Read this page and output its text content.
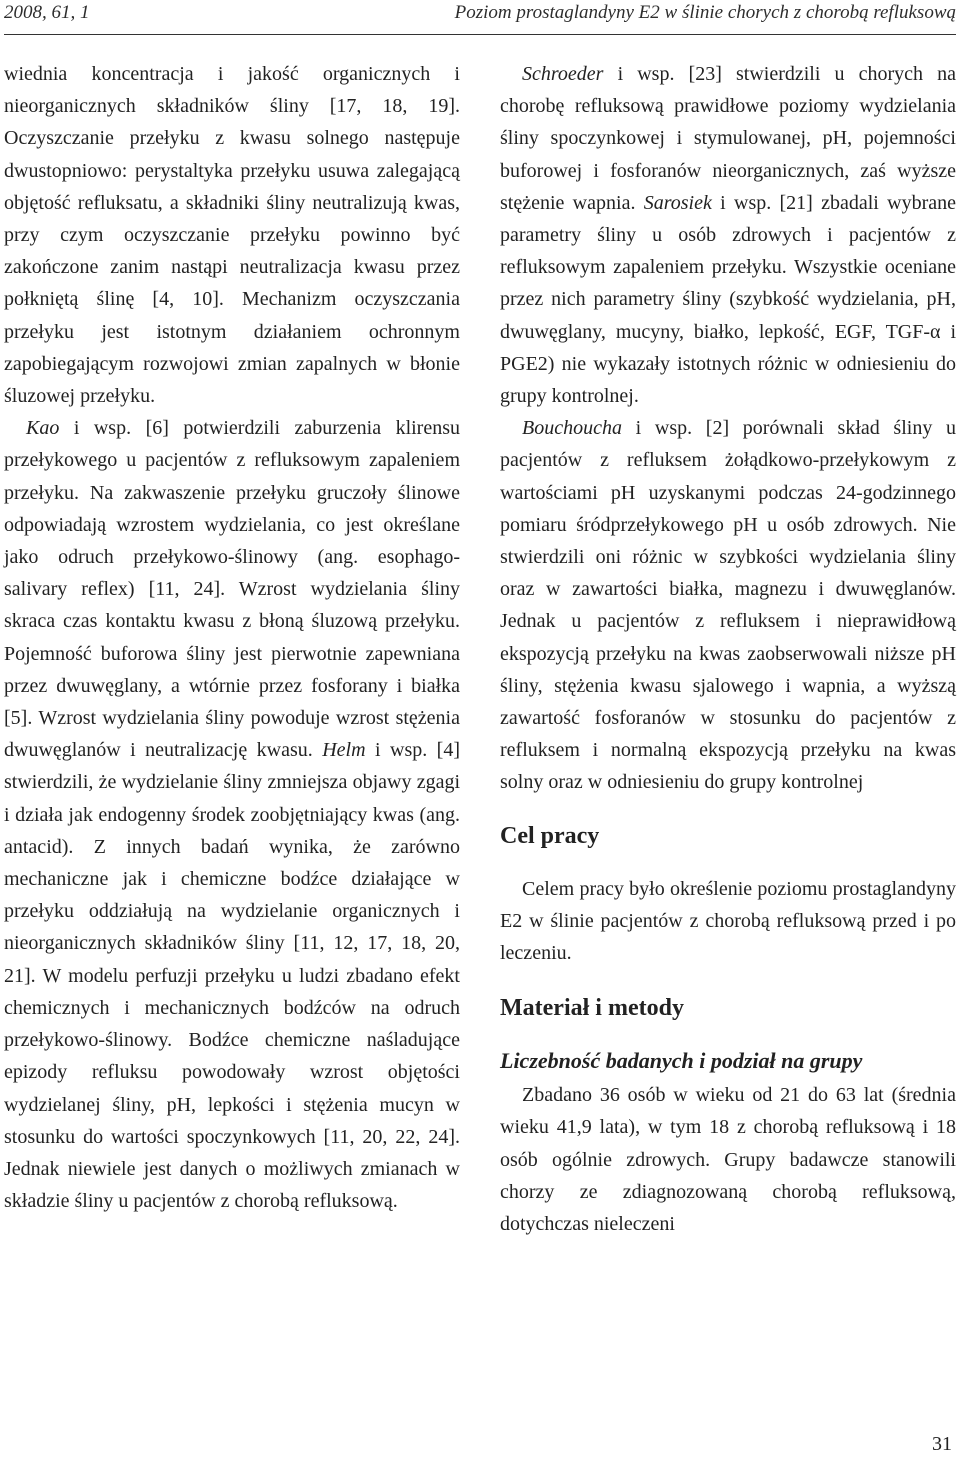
2008, 61, 1	Poziom prostaglandyny E2 w ślinie chorych z chorobą refluksową

wiednia koncentracja i jakość organicznych i nieorganicznych składników śliny [17, 18, 19]. Oczyszczanie przełyku z kwasu solnego następuje dwustopniowo: perystaltyka przełyku usuwa zalegającą objętość refluksatu, a składniki śliny neutralizują kwas, przy czym oczyszczanie przełyku powinno być zakończone zanim nastąpi neutralizacja kwasu przez połkniętą ślinę [4, 10]. Mechanizm oczyszczania przełyku jest istotnym działaniem ochronnym zapobiegającym rozwojowi zmian zapalnych w błonie śluzowej przełyku.

Kao i wsp. [6] potwierdzili zaburzenia klirensu przełykowego u pacjentów z refluksowym zapaleniem przełyku. Na zakwaszenie przełyku gruczoły ślinowe odpowiadają wzrostem wydzielania, co jest określane jako odruch przełykowo-ślinowy (ang. esophago-salivary reflex) [11, 24]. Wzrost wydzielania śliny skraca czas kontaktu kwasu z błoną śluzową przełyku. Pojemność buforowa śliny jest pierwotnie zapewniana przez dwuwęglany, a wtórnie przez fosforany i białka [5]. Wzrost wydzielania śliny powoduje wzrost stężenia dwuwęglanów i neutralizację kwasu. Helm i wsp. [4] stwierdzili, że wydzielanie śliny zmniejsza objawy zgagi i działa jak endogenny środek zoobjętniający kwas (ang. antacid). Z innych badań wynika, że zarówno mechaniczne jak i chemiczne bodźce działające w przełyku oddziałują na wydzielanie organicznych i nieorganicznych składników śliny [11, 12, 17, 18, 20, 21]. W modelu perfuzji przełyku u ludzi zbadano efekt chemicznych i mechanicznych bodźców na odruch przełykowo-ślinowy. Bodźce chemiczne naśladujące epizody refluksu powodowały wzrost objętości wydzielanej śliny, pH, lepkości i stężenia mucyn w stosunku do wartości spoczynkowych [11, 20, 22, 24]. Jednak niewiele jest danych o możliwych zmianach w składzie śliny u pacjentów z chorobą refluksową.

Schroeder i wsp. [23] stwierdzili u chorych na chorobę refluksową prawidłowe poziomy wydzielania śliny spoczynkowej i stymulowanej, pH, pojemności buforowej i fosforanów nieorganicznych, zaś wyższe stężenie wapnia. Sarosiek i wsp. [21] zbadali wybrane parametry śliny u osób zdrowych i pacjentów z refluksowym zapaleniem przełyku. Wszystkie oceniane przez nich parametry śliny (szybkość wydzielania, pH, dwuwęglany, mucyny, białko, lepkość, EGF, TGF-α i PGE2) nie wykazały istotnych różnic w odniesieniu do grupy kontrolnej.

Bouchoucha i wsp. [2] porównali skład śliny u pacjentów z refluksem żołądkowo-przełykowym z wartościami pH uzyskanymi podczas 24-godzinnego pomiaru śródprzełykowego pH u osób zdrowych. Nie stwierdzili oni różnic w szybkości wydzielania śliny oraz w zawartości białka, magnezu i dwuwęglanów. Jednak u pacjentów z refluksem i nieprawidłową ekspozycją przełyku na kwas zaobserwowali niższe pH śliny, stężenia kwasu sjalowego i wapnia, a wyższą zawartość fosforanów w stosunku do pacjentów z refluksem i normalną ekspozycją przełyku na kwas solny oraz w odniesieniu do grupy kontrolnej

Cel pracy

Celem pracy było określenie poziomu prostaglandyny E2 w ślinie pacjentów z chorobą refluksową przed i po leczeniu.

Materiał i metody
Liczebność badanych i podział na grupy

Zbadano 36 osób w wieku od 21 do 63 lat (średnia wieku 41,9 lata), w tym 18 z chorobą refluksową i 18 osób ogólnie zdrowych. Grupy badawcze stanowili chorzy ze zdiagnozowaną chorobą refluksową, dotychczas nieleczeni

31
